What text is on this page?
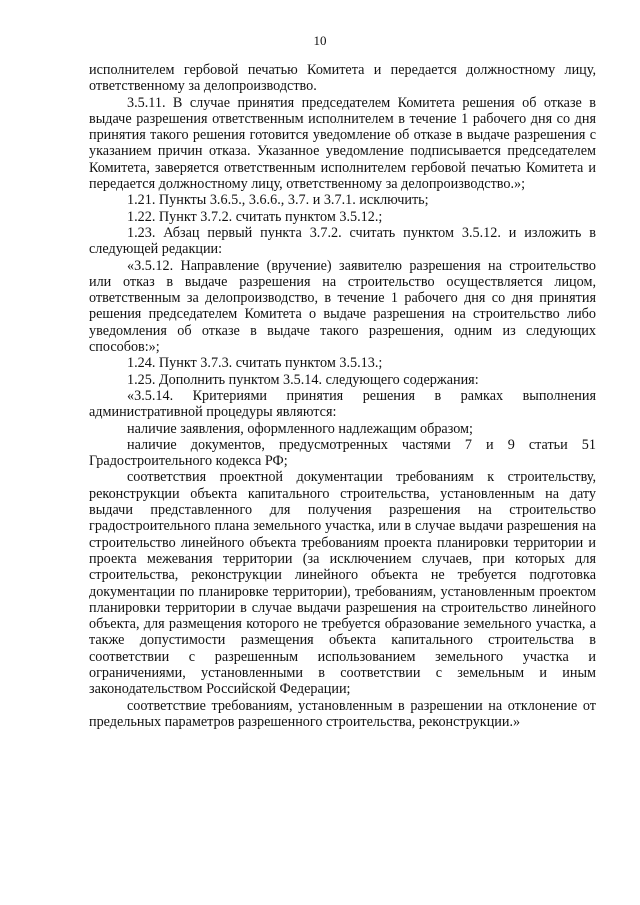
10

исполнителем гербовой печатью Комитета и передается должностному лицу, ответственному за делопроизводство.

3.5.11. В случае принятия председателем Комитета решения об отказе в выдаче разрешения ответственным исполнителем в течение 1 рабочего дня со дня принятия такого решения готовится уведомление об отказе в выдаче разрешения с указанием причин отказа. Указанное уведомление подписывается председателем Комитета, заверяется ответственным исполнителем гербовой печатью Комитета и передается должностному лицу, ответственному за делопроизводство.»;

1.21. Пункты 3.6.5., 3.6.6., 3.7. и 3.7.1. исключить;

1.22. Пункт 3.7.2. считать пунктом 3.5.12.;

1.23. Абзац первый пункта 3.7.2. считать пунктом 3.5.12. и изложить в следующей редакции:

«3.5.12. Направление (вручение) заявителю разрешения на строительство или отказ в выдаче разрешения на строительство осуществляется лицом, ответственным за делопроизводство, в течение 1 рабочего дня со дня принятия решения председателем Комитета о выдаче разрешения на строительство либо уведомления об отказе в выдаче такого разрешения, одним из следующих способов:»;

1.24. Пункт 3.7.3. считать пунктом 3.5.13.;

1.25. Дополнить пунктом 3.5.14. следующего содержания:

«3.5.14. Критериями принятия решения в рамках выполнения административной процедуры являются:

наличие заявления, оформленного надлежащим образом;

наличие документов, предусмотренных частями 7 и 9 статьи 51 Градостроительного кодекса РФ;

соответствия проектной документации требованиям к строительству, реконструкции объекта капитального строительства, установленным на дату выдачи представленного для получения разрешения на строительство градостроительного плана земельного участка, или в случае выдачи разрешения на строительство линейного объекта требованиям проекта планировки территории и проекта межевания территории (за исключением случаев, при которых для строительства, реконструкции линейного объекта не требуется подготовка документации по планировке территории), требованиям, установленным проектом планировки территории в случае выдачи разрешения на строительство линейного объекта, для размещения которого не требуется образование земельного участка, а также допустимости размещения объекта капитального строительства в соответствии с разрешенным использованием земельного участка и ограничениями, установленными в соответствии с земельным и иным законодательством Российской Федерации;

соответствие требованиям, установленным в разрешении на отклонение от предельных параметров разрешенного строительства, реконструкции.»
